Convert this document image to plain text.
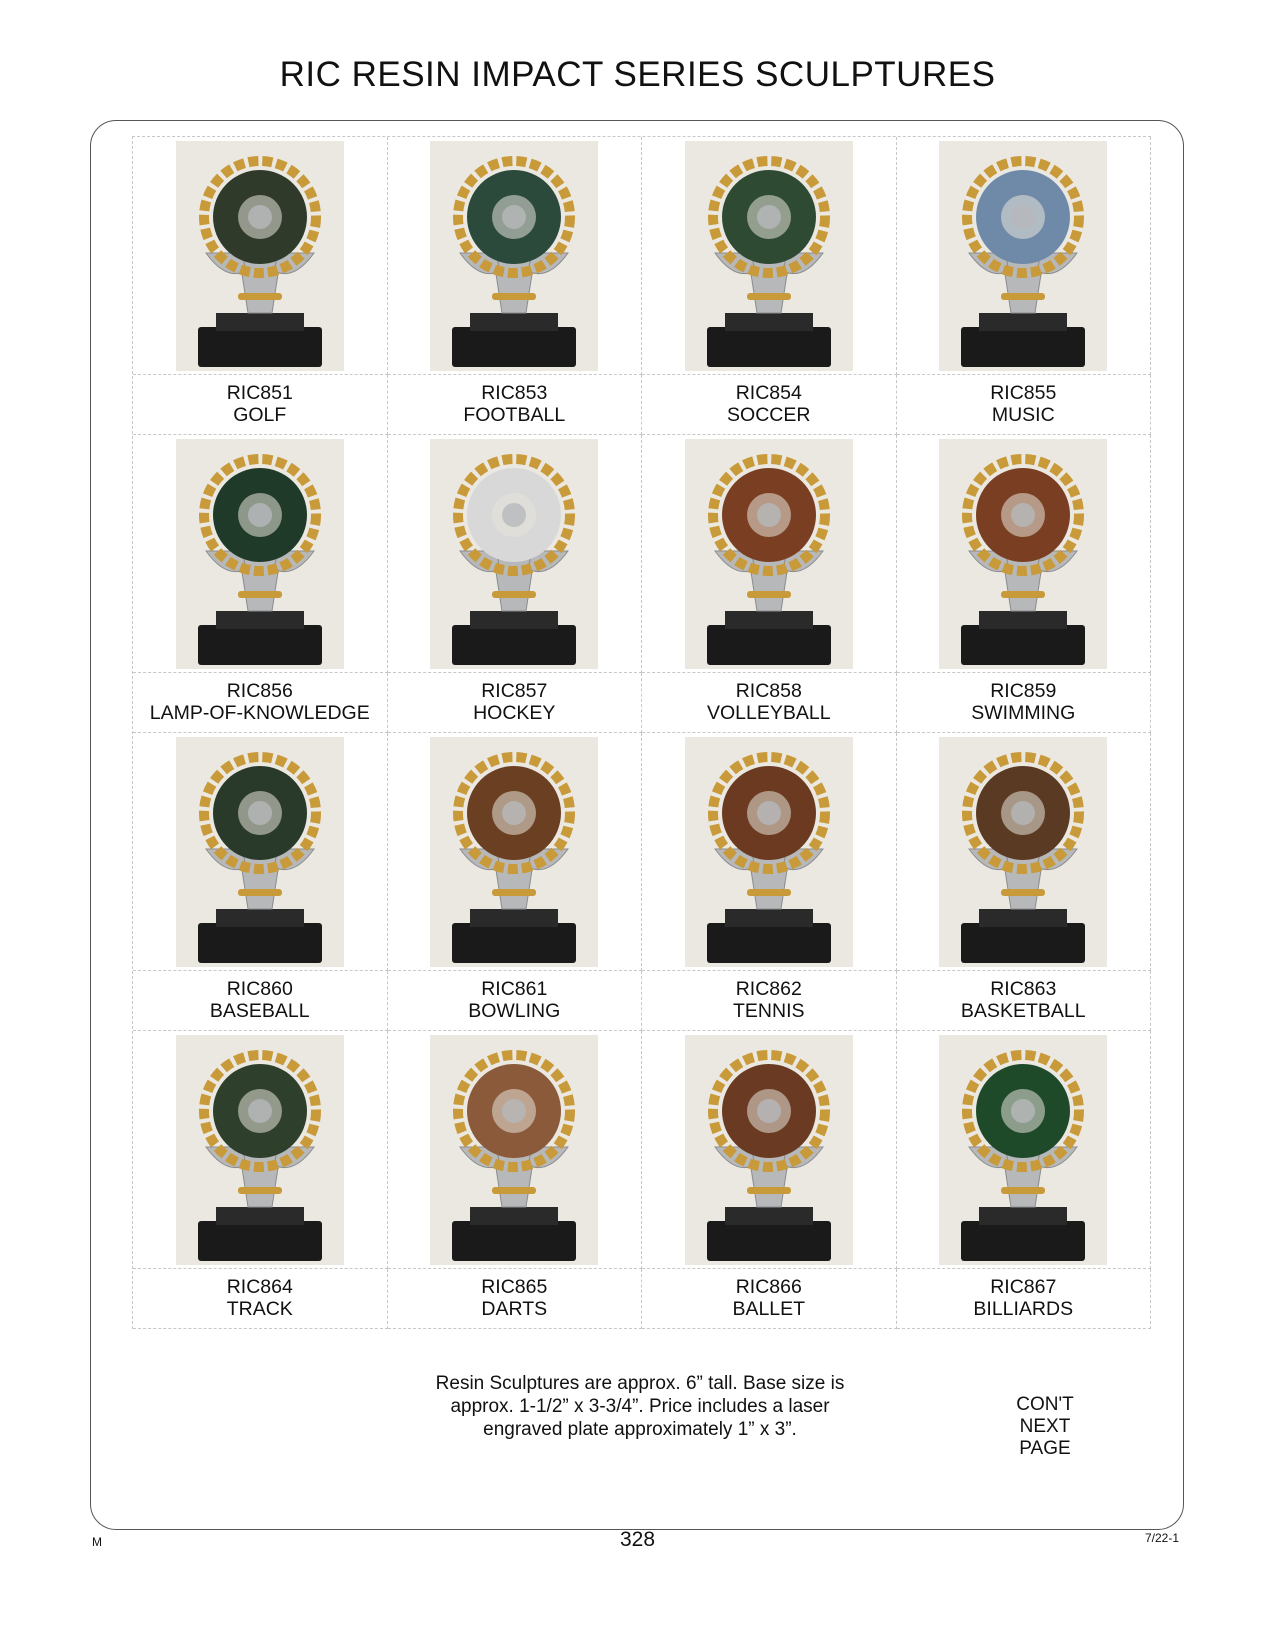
RIC RESIN IMPACT SERIES SCULPTURES
RIC851
GOLF
RIC853
FOOTBALL
RIC854
SOCCER
RIC855
MUSIC
RIC856
LAMP-OF-KNOWLEDGE
RIC857
HOCKEY
RIC858
VOLLEYBALL
RIC859
SWIMMING
RIC860
BASEBALL
RIC861
BOWLING
RIC862
TENNIS
RIC863
BASKETBALL
RIC864
TRACK
RIC865
DARTS
RIC866
BALLET
RIC867
BILLIARDS
Resin Sculptures are approx. 6” tall. Base size is
approx. 1-1/2” x 3-3/4”. Price includes a laser
engraved plate approximately 1” x 3”.
CON'T
NEXT
PAGE
M	328	7/22-1
